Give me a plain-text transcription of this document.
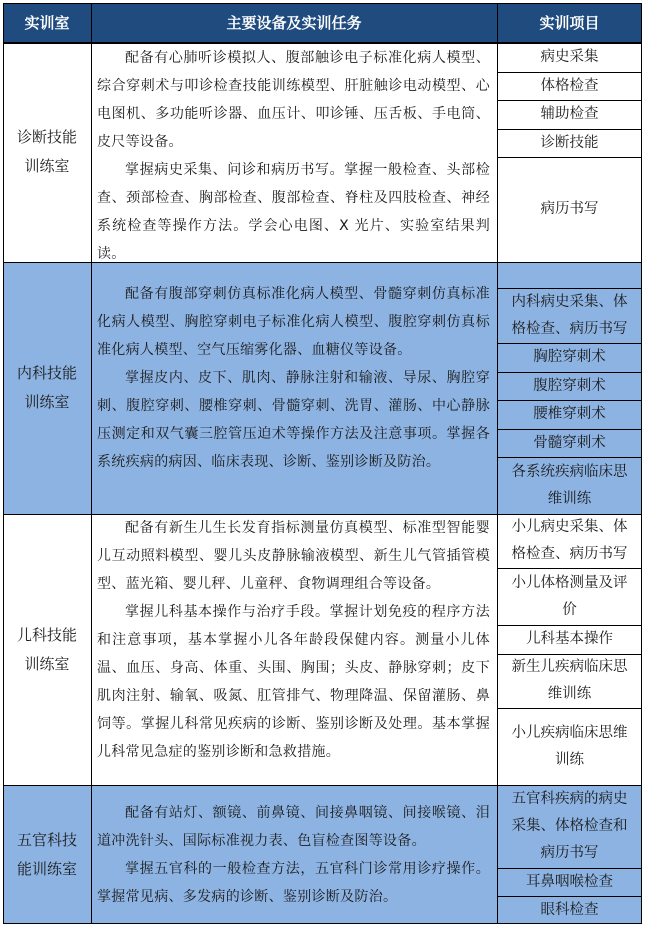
实训室	主要设备及实训任务	实训项目
诊断技能
训练室

配备有心肺听诊模拟人、腹部触诊电子标准化病人模型、综合穿刺术与叩诊检查技能训练模型、肝脏触诊电动模型、心电图机、多功能听诊器、血压计、叩诊锤、压舌板、手电筒、皮尺等设备。

掌握病史采集、问诊和病历书写。掌握一般检查、头部检查、颈部检查、胸部检查、腹部检查、脊柱及四肢检查、神经系统检查等操作方法。学会心电图、X 光片、实验室结果判读。

病史采集
体格检查
辅助检查
诊断技能
病历书写
内科技能
训练室

配备有腹部穿刺仿真标准化病人模型、骨髓穿刺仿真标准化病人模型、胸腔穿刺电子标准化病人模型、腹腔穿刺仿真标准化病人模型、空气压缩雾化器、血糖仪等设备。

掌握皮内、皮下、肌肉、静脉注射和输液、导尿、胸腔穿刺、腹腔穿刺、腰椎穿刺、骨髓穿刺、洗胃、灌肠、中心静脉压测定和双气囊三腔管压迫术等操作方法及注意事项。掌握各系统疾病的病因、临床表现、诊断、鉴别诊断及防治。

内科病史采集、体格检查、病历书写
胸腔穿刺术
腹腔穿刺术
腰椎穿刺术
骨髓穿刺术
各系统疾病临床思维训练
儿科技能
训练室

配备有新生儿生长发育指标测量仿真模型、标准型智能婴儿互动照料模型、婴儿头皮静脉输液模型、新生儿气管插管模型、蓝光箱、婴儿秤、儿童秤、食物调理组合等设备。

掌握儿科基本操作与治疗手段。掌握计划免疫的程序方法和注意事项，基本掌握小儿各年龄段保健内容。测量小儿体温、血压、身高、体重、头围、胸围；头皮、静脉穿刺；皮下肌肉注射、输氧、吸氮、肛管排气、物理降温、保留灌肠、鼻饲等。掌握儿科常见疾病的诊断、鉴别诊断及处理。基本掌握儿科常见急症的鉴别诊断和急救措施。

小儿病史采集、体格检查、病历书写
小儿体格测量及评价
儿科基本操作
新生儿疾病临床思维训练
小儿疾病临床思维训练
五官科技
能训练室

配备有站灯、额镜、前鼻镜、间接鼻咽镜、间接喉镜、泪道冲洗针头、国际标准视力表、色盲检查图等设备。

掌握五官科的一般检查方法，五官科门诊常用诊疗操作。掌握常见病、多发病的诊断、鉴别诊断及防治。

五官科疾病的病史采集、体格检查和病历书写
耳鼻咽喉检查
眼科检查
